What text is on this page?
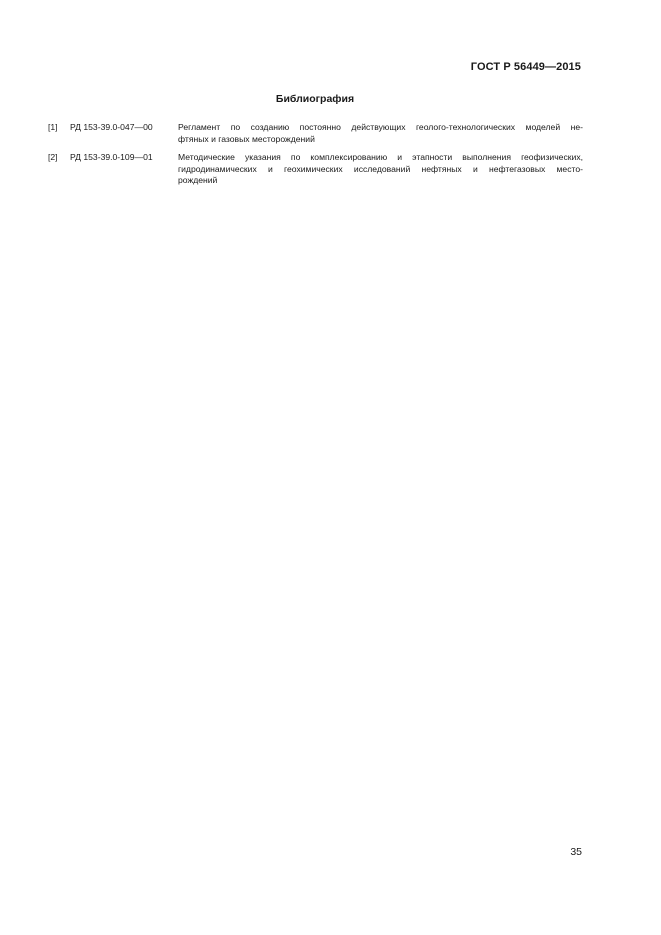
ГОСТ Р 56449—2015
Библиография
[1]	РД 153-39.0-047—00	Регламент по созданию постоянно действующих геолого-технологических моделей не-
фтяных и газовых месторождений
[2]	РД 153-39.0-109—01	Методические указания по комплексированию и этапности выполнения геофизических,
гидродинамических и геохимических исследований нефтяных и нефтегазовых место-
рождений
35
